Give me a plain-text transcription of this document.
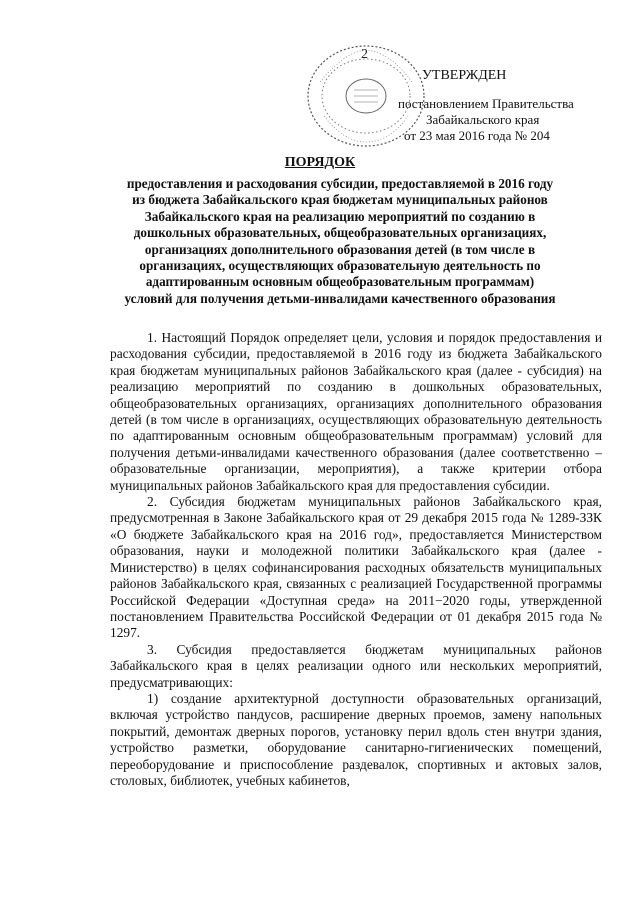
2
УТВЕРЖДЕН
постановлением Правительства
Забайкальского края
от 23 мая 2016 года № 204
ПОРЯДОК
предоставления и расходования субсидии, предоставляемой в 2016 году
из бюджета Забайкальского края бюджетам муниципальных районов
Забайкальского края на реализацию мероприятий по созданию в
дошкольных образовательных, общеобразовательных организациях,
организациях дополнительного образования детей (в том числе в
организациях, осуществляющих образовательную деятельность по
адаптированным основным общеобразовательным программам)
условий для получения детьми-инвалидами качественного образования

1. Настоящий Порядок определяет цели, условия и порядок предоставления и расходования субсидии, предоставляемой в 2016 году из бюджета Забайкальского края бюджетам муниципальных районов Забайкальского края (далее - субсидия) на реализацию мероприятий по созданию в дошкольных образовательных, общеобразовательных организациях, организациях дополнительного образования детей (в том числе в организациях, осуществляющих образовательную деятельность по адаптированным основным общеобразовательным программам) условий для получения детьми-инвалидами качественного образования (далее соответственно – образовательные организации, мероприятия), а также критерии отбора муниципальных районов Забайкальского края для предоставления субсидии.

2. Субсидия бюджетам муниципальных районов Забайкальского края, предусмотренная в Законе Забайкальского края от 29 декабря 2015 года № 1289-ЗЗК «О бюджете Забайкальского края на 2016 год», предоставляется Министерством образования, науки и молодежной политики Забайкальского края (далее - Министерство) в целях софинансирования расходных обязательств муниципальных районов Забайкальского края, связанных с реализацией Государственной программы Российской Федерации «Доступная среда» на 2011−2020 годы, утвержденной постановлением Правительства Российской Федерации от 01 декабря 2015 года № 1297.

3. Субсидия предоставляется бюджетам муниципальных районов Забайкальского края в целях реализации одного или нескольких мероприятий, предусматривающих:

1) создание архитектурной доступности образовательных организаций, включая устройство пандусов, расширение дверных проемов, замену напольных покрытий, демонтаж дверных порогов, установку перил вдоль стен внутри здания, устройство разметки, оборудование санитарно-гигиенических помещений, переоборудование и приспособление раздевалок, спортивных и актовых залов, столовых, библиотек, учебных кабинетов,
